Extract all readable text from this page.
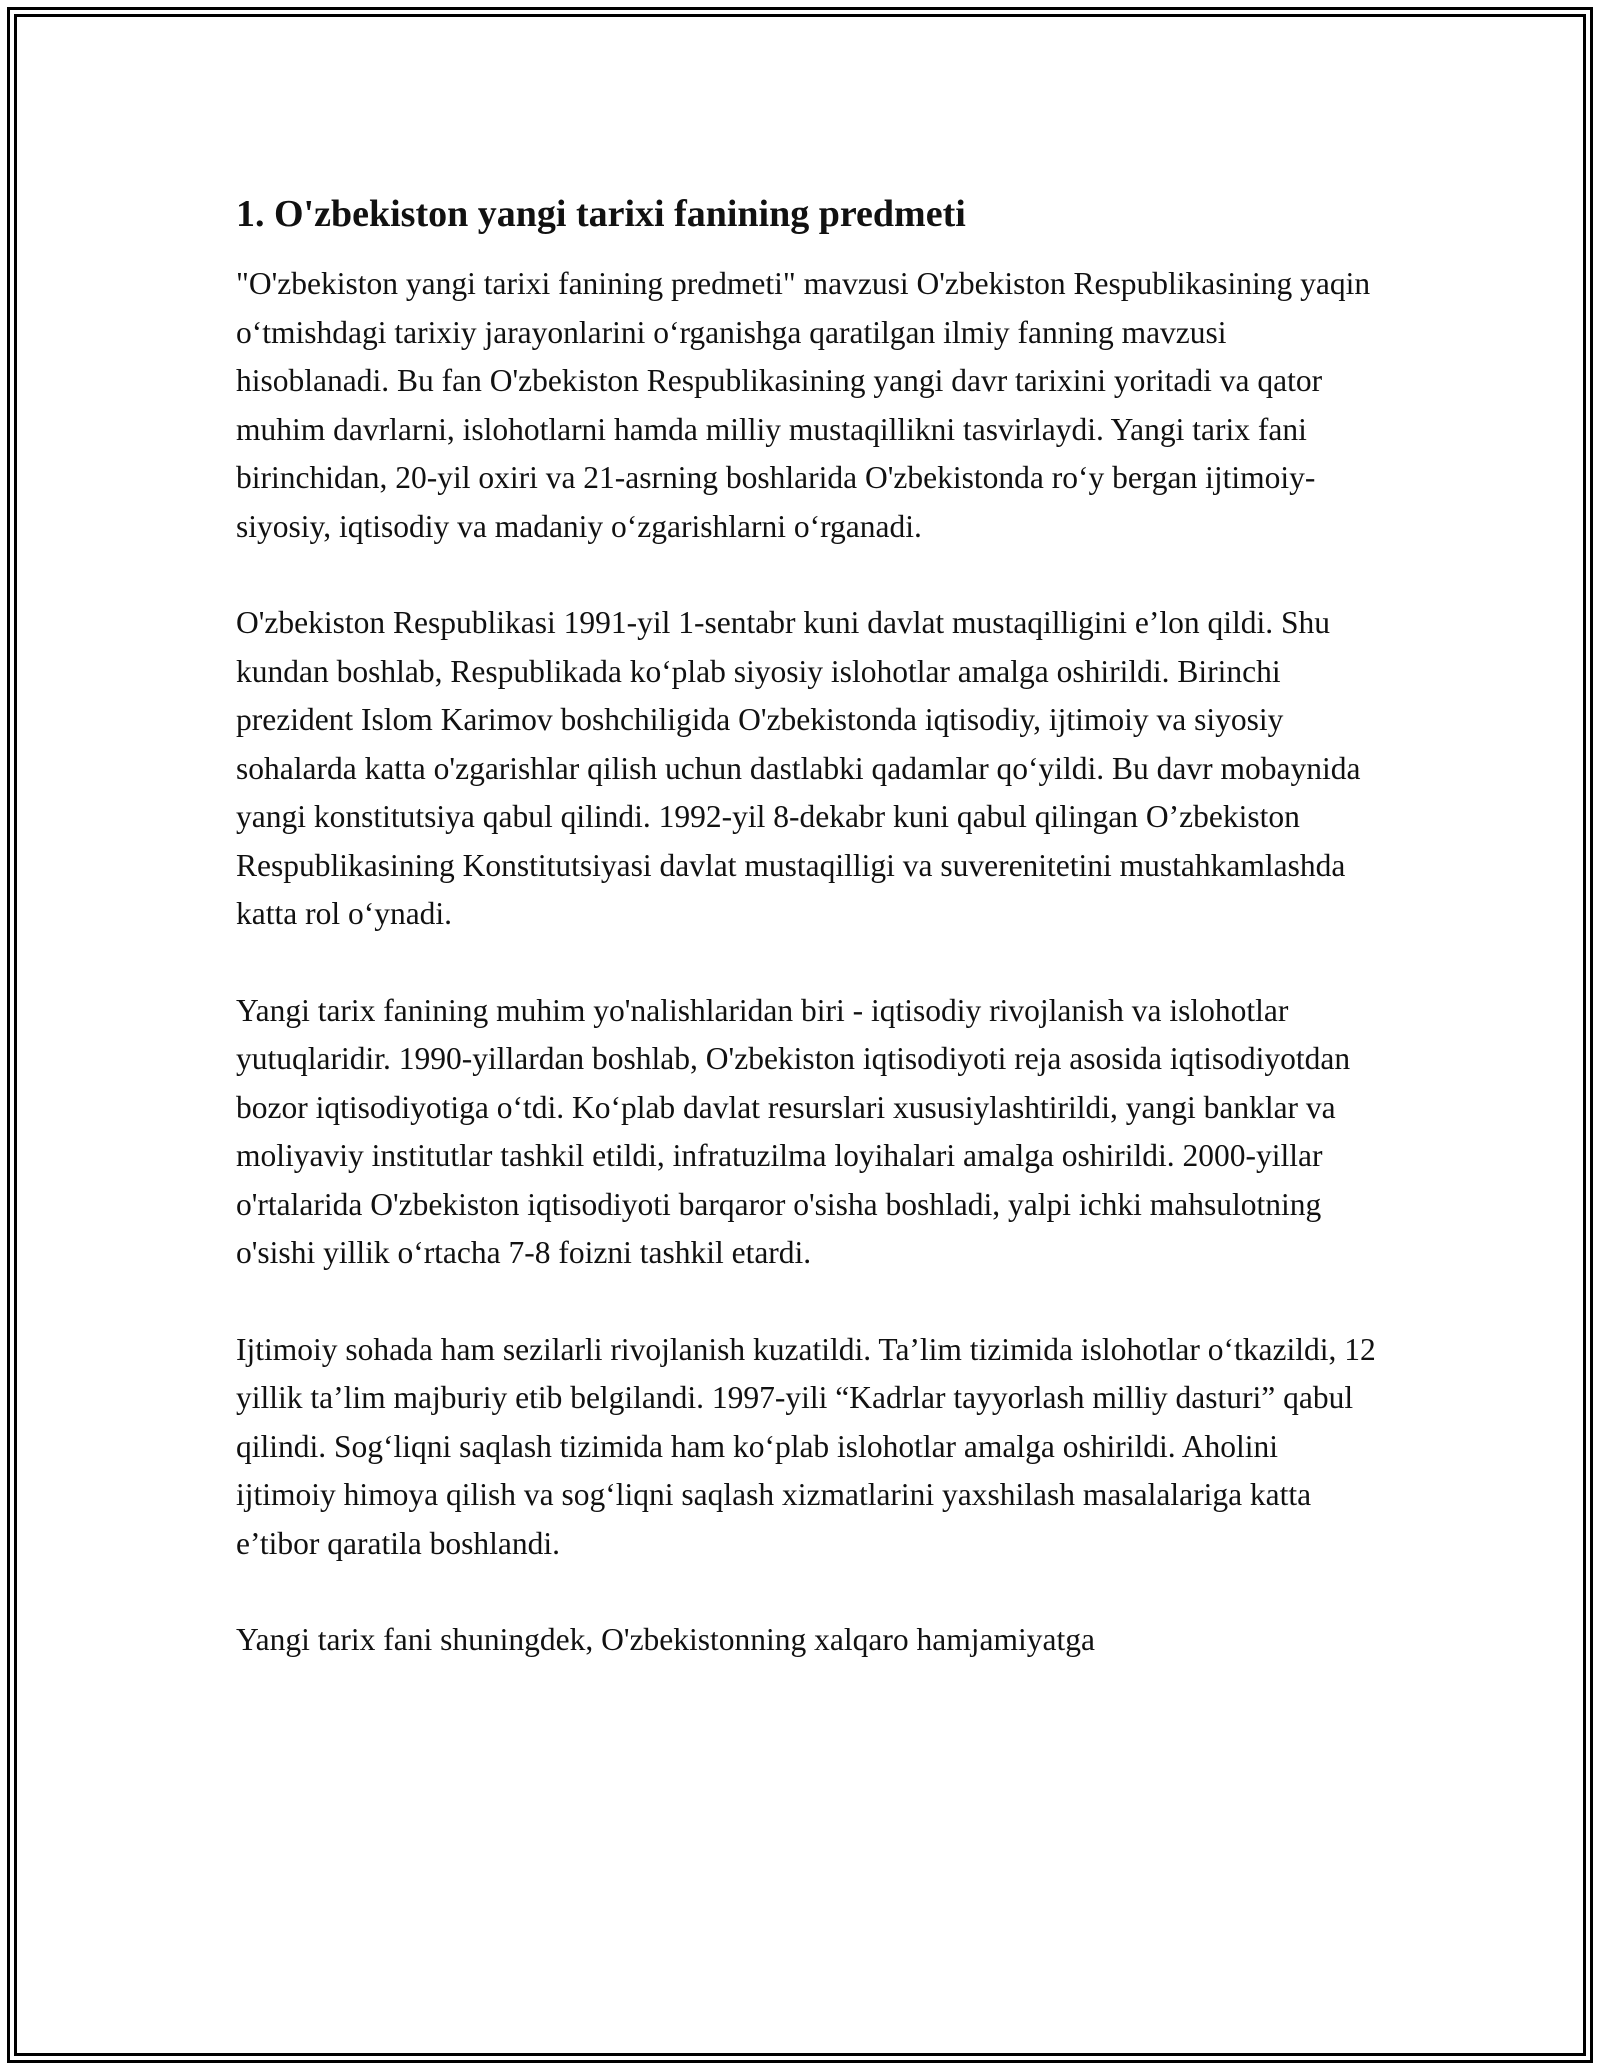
1. O'zbekiston yangi tarixi fanining predmeti

"O'zbekiston yangi tarixi fanining predmeti" mavzusi O'zbekiston Respublikasining yaqin o‘tmishdagi tarixiy jarayonlarini o‘rganishga qaratilgan ilmiy fanning mavzusi hisoblanadi. Bu fan O'zbekiston Respublikasining yangi davr tarixini yoritadi va qator muhim davrlarni, islohotlarni hamda milliy mustaqillikni tasvirlaydi. Yangi tarix fani birinchidan, 20-yil oxiri va 21-asrning boshlarida O'zbekistonda ro‘y bergan ijtimoiy-siyosiy, iqtisodiy va madaniy o‘zgarishlarni o‘rganadi.

O'zbekiston Respublikasi 1991-yil 1-sentabr kuni davlat mustaqilligini e’lon qildi. Shu kundan boshlab, Respublikada ko‘plab siyosiy islohotlar amalga oshirildi. Birinchi prezident Islom Karimov boshchiligida O'zbekistonda iqtisodiy, ijtimoiy va siyosiy sohalarda katta o'zgarishlar qilish uchun dastlabki qadamlar qo‘yildi. Bu davr mobaynida yangi konstitutsiya qabul qilindi. 1992-yil 8-dekabr kuni qabul qilingan O’zbekiston Respublikasining Konstitutsiyasi davlat mustaqilligi va suverenitetini mustahkamlashda katta rol o‘ynadi.

Yangi tarix fanining muhim yo'nalishlaridan biri - iqtisodiy rivojlanish va islohotlar yutuqlaridir. 1990-yillardan boshlab, O'zbekiston iqtisodiyoti reja asosida iqtisodiyotdan bozor iqtisodiyotiga o‘tdi. Ko‘plab davlat resurslari xususiylashtirildi, yangi banklar va moliyaviy institutlar tashkil etildi, infratuzilma loyihalari amalga oshirildi. 2000-yillar o'rtalarida O'zbekiston iqtisodiyoti barqaror o'sisha boshladi, yalpi ichki mahsulotning o'sishi yillik o‘rtacha 7-8 foizni tashkil etardi.

Ijtimoiy sohada ham sezilarli rivojlanish kuzatildi. Ta’lim tizimida islohotlar o‘tkazildi, 12 yillik ta’lim majburiy etib belgilandi. 1997-yili “Kadrlar tayyorlash milliy dasturi” qabul qilindi. Sog‘liqni saqlash tizimida ham ko‘plab islohotlar amalga oshirildi. Aholini ijtimoiy himoya qilish va sog‘liqni saqlash xizmatlarini yaxshilash masalalariga katta e’tibor qaratila boshlandi.

Yangi tarix fani shuningdek, O'zbekistonning xalqaro hamjamiyatga
